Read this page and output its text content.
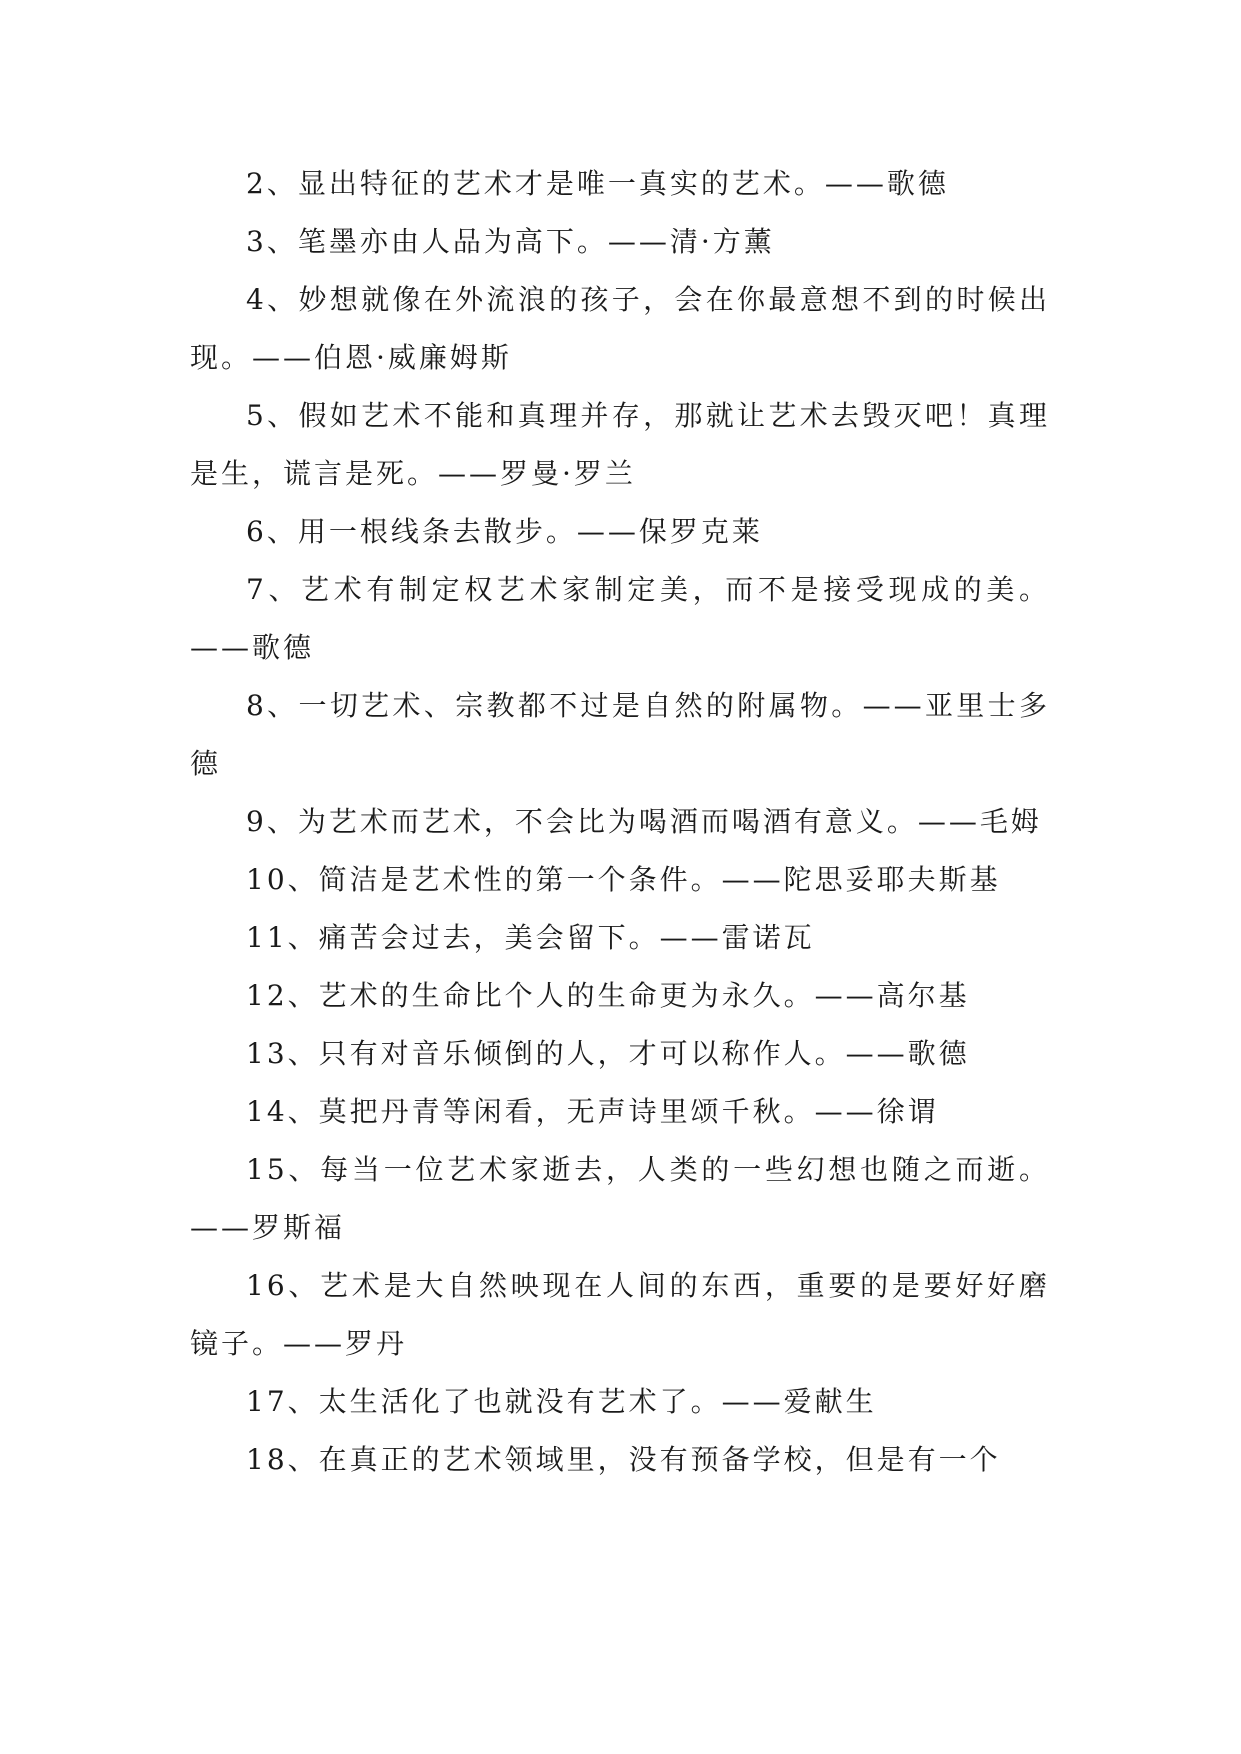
2、显出特征的艺术才是唯一真实的艺术。——歌德

3、笔墨亦由人品为高下。——清·方薰

4、妙想就像在外流浪的孩子，会在你最意想不到的时候出现。——伯恩·威廉姆斯

5、假如艺术不能和真理并存，那就让艺术去毁灭吧！真理是生，谎言是死。——罗曼·罗兰

6、用一根线条去散步。——保罗克莱

7、艺术有制定权艺术家制定美，而不是接受现成的美。——歌德

8、一切艺术、宗教都不过是自然的附属物。——亚里士多德

9、为艺术而艺术，不会比为喝酒而喝酒有意义。——毛姆

10、简洁是艺术性的第一个条件。——陀思妥耶夫斯基

11、痛苦会过去，美会留下。——雷诺瓦

12、艺术的生命比个人的生命更为永久。——高尔基

13、只有对音乐倾倒的人，才可以称作人。——歌德

14、莫把丹青等闲看，无声诗里颂千秋。——徐谓

15、每当一位艺术家逝去，人类的一些幻想也随之而逝。——罗斯福

16、艺术是大自然映现在人间的东西，重要的是要好好磨镜子。——罗丹

17、太生活化了也就没有艺术了。——爱献生

18、在真正的艺术领域里，没有预备学校，但是有一个
